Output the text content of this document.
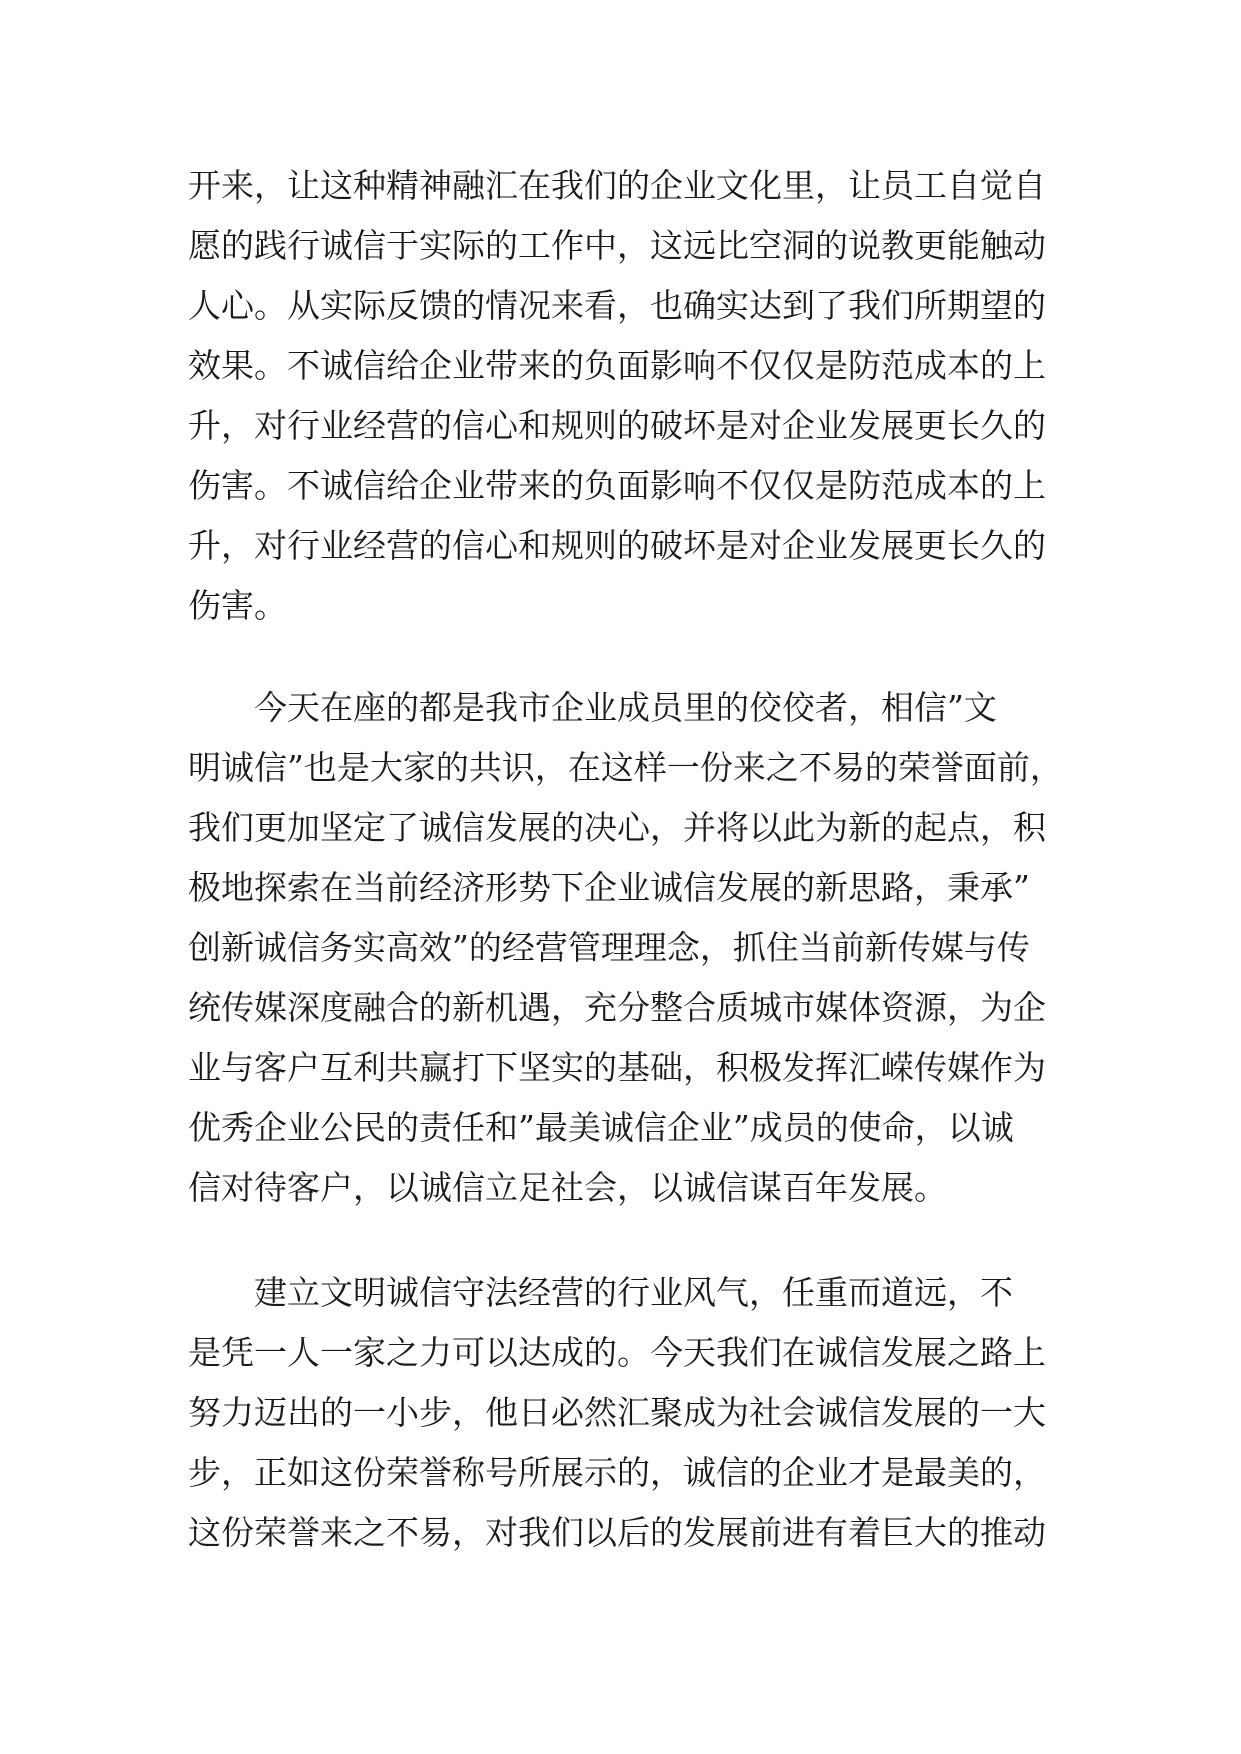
开来，让这种精神融汇在我们的企业文化里，让员工自觉自
愿的践行诚信于实际的工作中，这远比空洞的说教更能触动
人心。从实际反馈的情况来看，也确实达到了我们所期望的
效果。不诚信给企业带来的负面影响不仅仅是防范成本的上
升，对行业经营的信心和规则的破坏是对企业发展更长久的
伤害。不诚信给企业带来的负面影响不仅仅是防范成本的上
升，对行业经营的信心和规则的破坏是对企业发展更长久的
伤害。
今天在座的都是我市企业成员里的佼佼者，相信”文
明诚信”也是大家的共识，在这样一份来之不易的荣誉面前，
我们更加坚定了诚信发展的决心，并将以此为新的起点，积
极地探索在当前经济形势下企业诚信发展的新思路，秉承”
创新诚信务实高效”的经营管理理念，抓住当前新传媒与传
统传媒深度融合的新机遇，充分整合质城市媒体资源，为企
业与客户互利共赢打下坚实的基础，积极发挥汇嵘传媒作为
优秀企业公民的责任和”最美诚信企业”成员的使命，以诚
信对待客户，以诚信立足社会，以诚信谋百年发展。
建立文明诚信守法经营的行业风气，任重而道远，不
是凭一人一家之力可以达成的。今天我们在诚信发展之路上
努力迈出的一小步，他日必然汇聚成为社会诚信发展的一大
步，正如这份荣誉称号所展示的，诚信的企业才是最美的，
这份荣誉来之不易，对我们以后的发展前进有着巨大的推动
